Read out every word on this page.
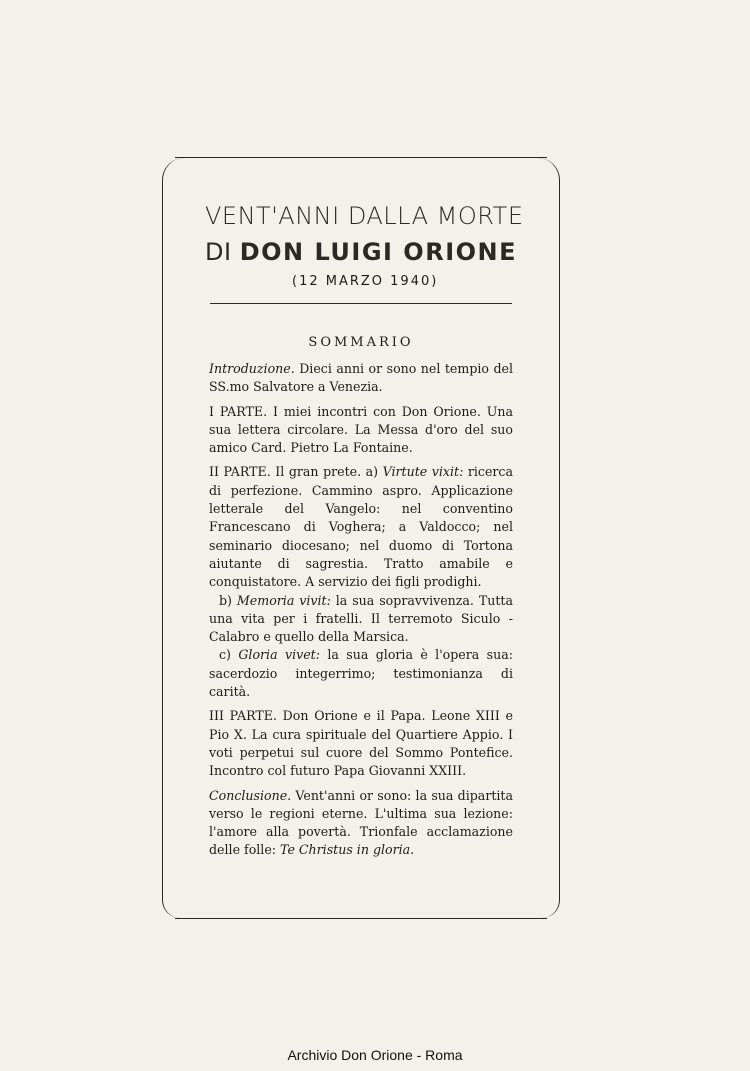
VENT'ANNI DALLA MORTE
DI DON LUIGI ORIONE
(12 MARZO 1940)
SOMMARIO

Introduzione. Dieci anni or sono nel tempio del SS.mo Salvatore a Venezia.

I PARTE. I miei incontri con Don Orione. Una sua lettera circolare. La Messa d'oro del suo amico Card. Pietro La Fontaine.

II PARTE. Il gran prete. a) Virtute vixit: ricerca di perfezione. Cammino aspro. Applicazione letterale del Vangelo: nel conventino Francescano di Voghera; a Valdocco; nel seminario diocesano; nel duomo di Tortona aiutante di sagrestia. Tratto amabile e conquistatore. A servizio dei figli prodighi.

b) Memoria vivit: la sua sopravvivenza. Tutta una vita per i fratelli. Il terremoto Siculo - Calabro e quello della Marsica.

c) Gloria vivet: la sua gloria è l'opera sua: sacerdozio integerrimo; testimonianza di carità.

III PARTE. Don Orione e il Papa. Leone XIII e Pio X. La cura spirituale del Quartiere Appio. I voti perpetui sul cuore del Sommo Pontefice. Incontro col futuro Papa Giovanni XXIII.

Conclusione. Vent'anni or sono: la sua dipartita verso le regioni eterne. L'ultima sua lezione: l'amore alla povertà. Trionfale acclamazione delle folle: Te Christus in gloria.

Archivio Don Orione - Roma
